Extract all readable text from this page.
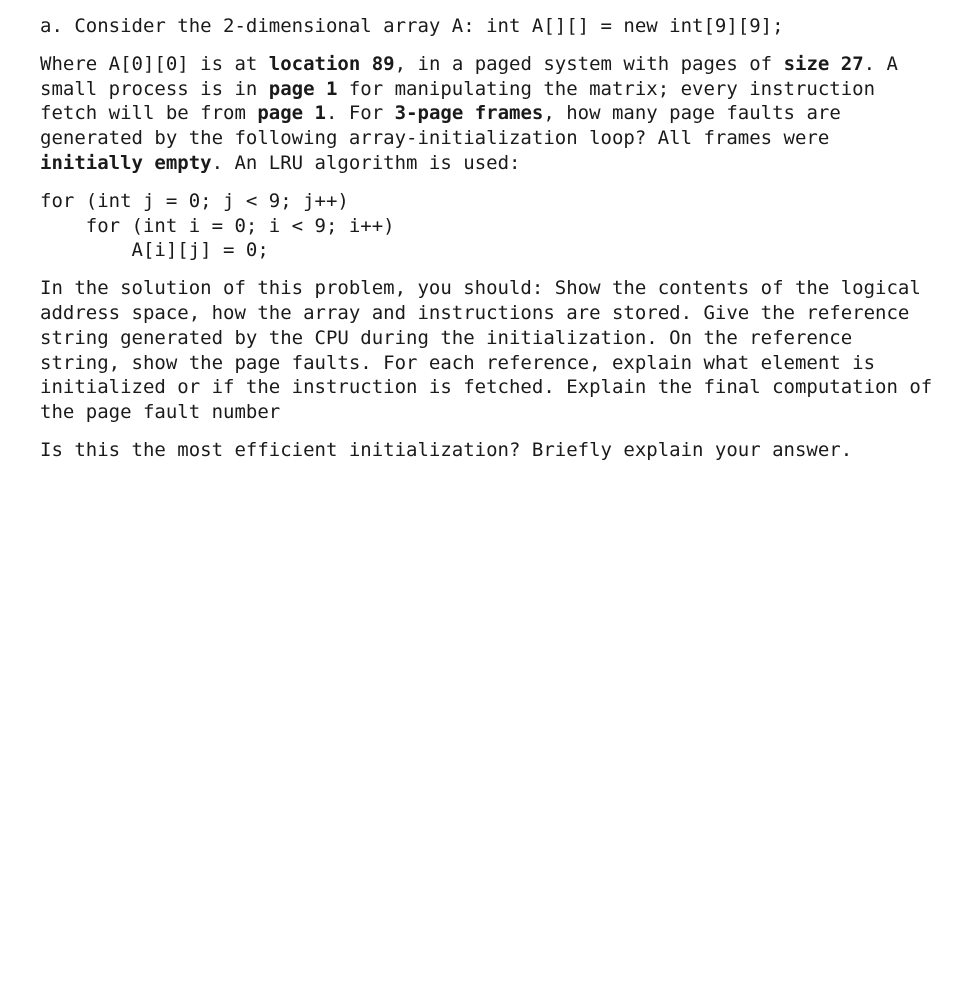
a. Consider the 2-dimensional array A: int A[][] = new int[9][9];

Where A[0][0] is at location 89, in a paged system with pages of size 27. A small process is in page 1 for manipulating the matrix; every instruction fetch will be from page 1. For 3-page frames, how many page faults are generated by the following array-initialization loop? All frames were initially empty. An LRU algorithm is used:

for (int j = 0; j < 9; j++)
for (int i = 0; i < 9; i++)
A[i][j] = 0;

In the solution of this problem, you should: Show the contents of the logical address space, how the array and instructions are stored. Give the reference string generated by the CPU during the initialization. On the reference string, show the page faults. For each reference, explain what element is initialized or if the instruction is fetched. Explain the final computation of the page fault number

Is this the most efficient initialization? Briefly explain your answer.
